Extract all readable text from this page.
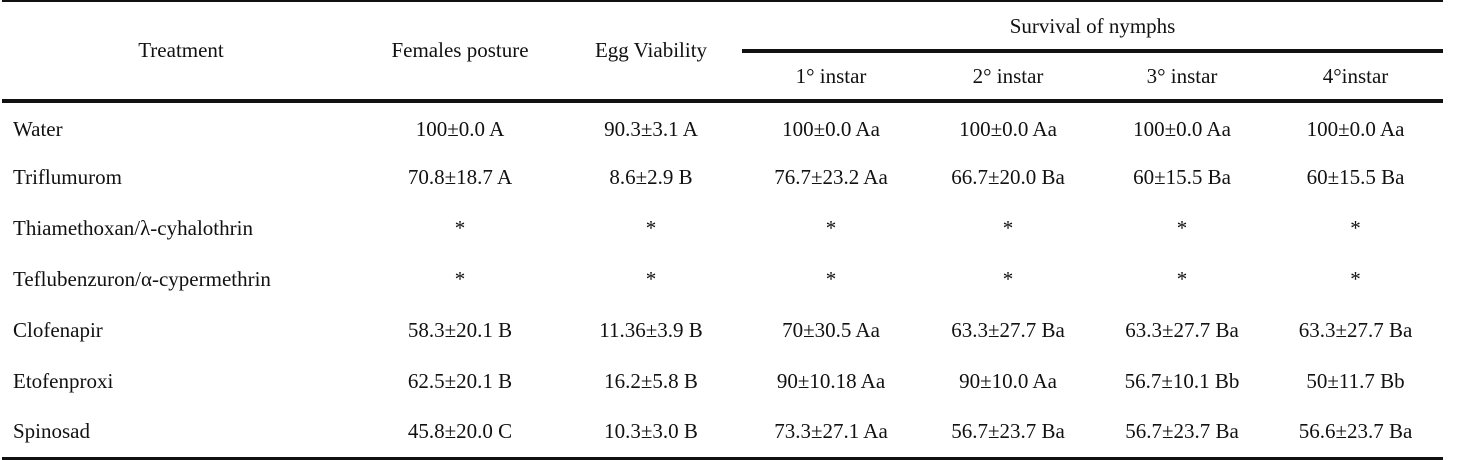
Treatment	Females posture	Egg Viability	Survival of nymphs			
			1° instar	2° instar	3° instar	4°instar
Water	100±0.0 A	90.3±3.1 A	100±0.0 Aa	100±0.0 Aa	100±0.0 Aa	100±0.0 Aa
Triflumurom	70.8±18.7 A	8.6±2.9 B	76.7±23.2 Aa	66.7±20.0 Ba	60±15.5 Ba	60±15.5 Ba
Thiamethoxan/λ-cyhalothrin	*	*	*	*	*	*
Teflubenzuron/α-cypermethrin	*	*	*	*	*	*
Clofenapir	58.3±20.1 B	11.36±3.9 B	70±30.5 Aa	63.3±27.7 Ba	63.3±27.7 Ba	63.3±27.7 Ba
Etofenproxi	62.5±20.1 B	16.2±5.8 B	90±10.18 Aa	90±10.0 Aa	56.7±10.1 Bb	50±11.7 Bb
Spinosad	45.8±20.0 C	10.3±3.0 B	73.3±27.1 Aa	56.7±23.7 Ba	56.7±23.7 Ba	56.6±23.7 Ba
